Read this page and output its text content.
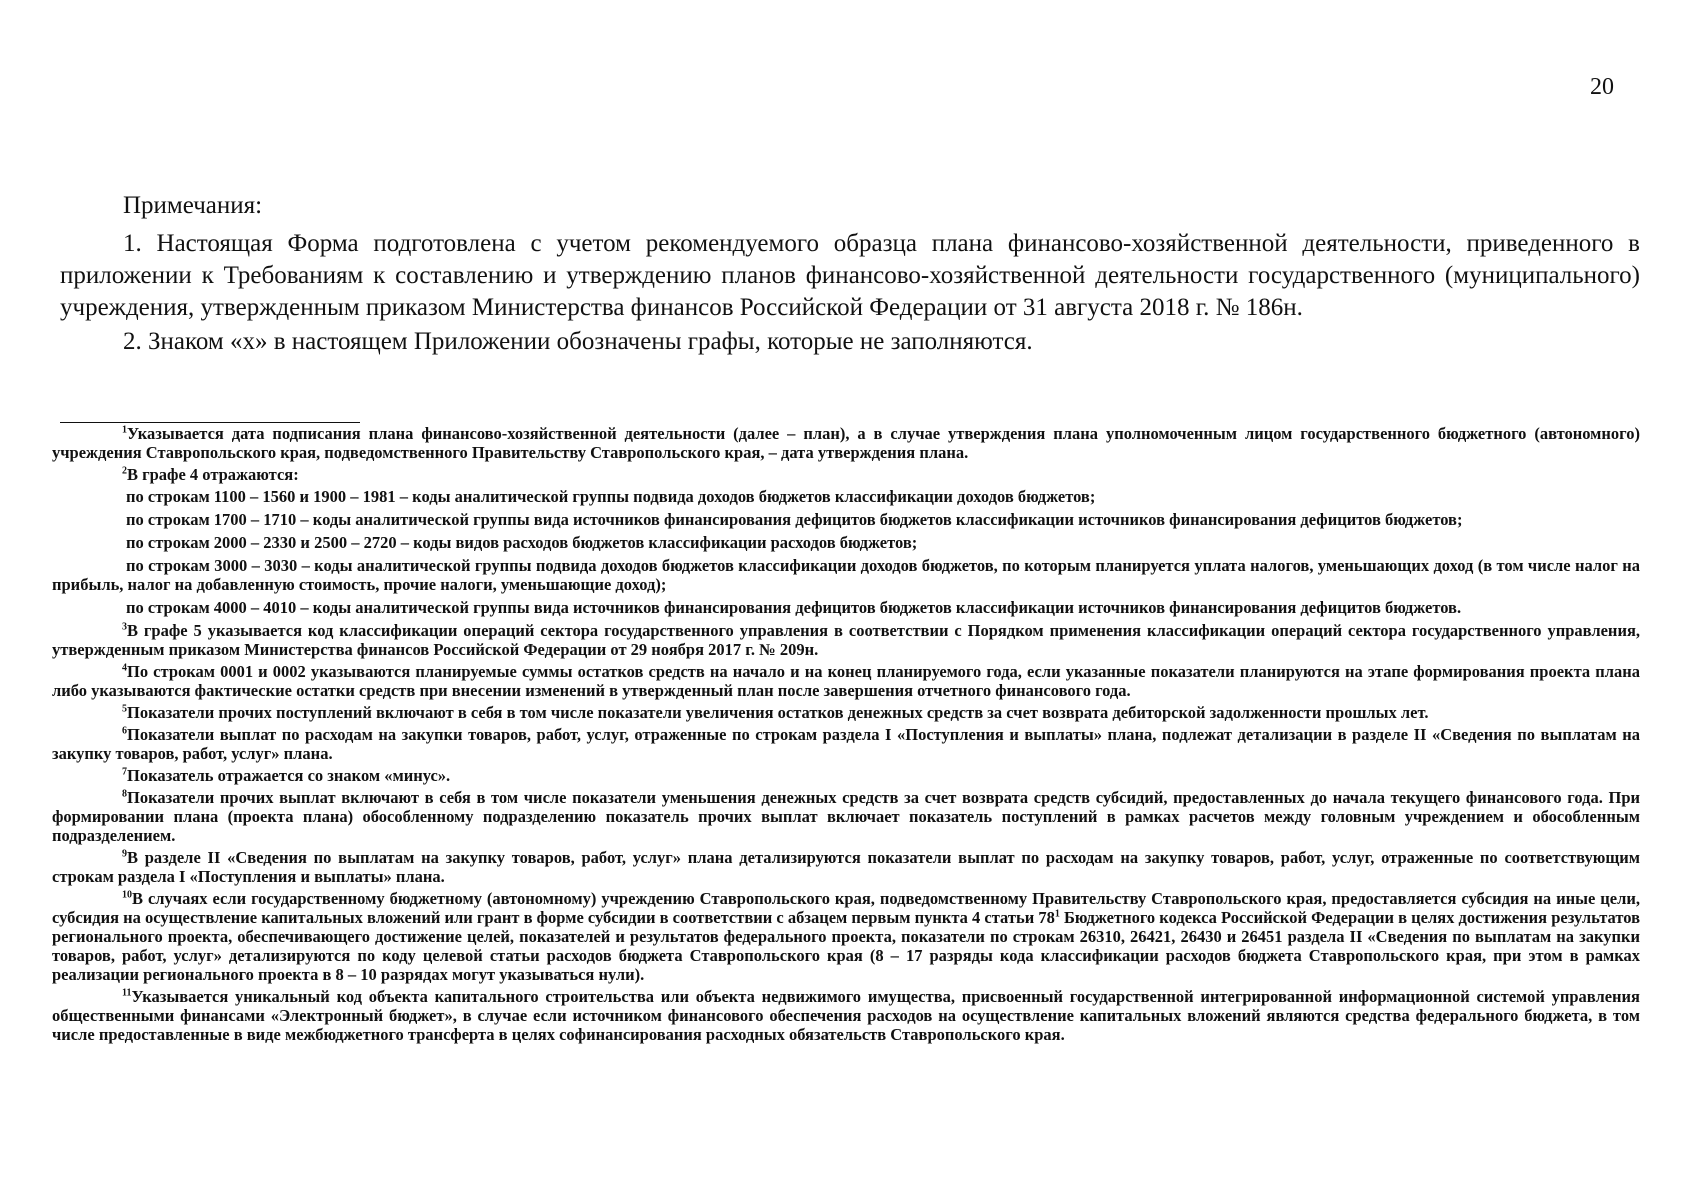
20
Примечания:

1. Настоящая Форма подготовлена с учетом рекомендуемого образца плана финансово-хозяйственной деятельности, приведенного в приложении к Требованиям к составлению и утверждению планов финансово-хозяйственной деятельности государственного (муниципального) учреждения, утвержденным приказом Министерства финансов Российской Федерации от 31 августа 2018 г. № 186н.

2. Знаком «х» в настоящем Приложении обозначены графы, которые не заполняются.

$^1$Указывается дата подписания плана финансово-хозяйственной деятельности (далее – план), а в случае утверждения плана уполномоченным лицом государственного бюджетного (автономного) учреждения Ставропольского края, подведомственного Правительству Ставропольского края, – дата утверждения плана.

$^2$В графе 4 отражаются:

по строкам 1100 – 1560 и 1900 – 1981 – коды аналитической группы подвида доходов бюджетов классификации доходов бюджетов;

по строкам 1700 – 1710 – коды аналитической группы вида источников финансирования дефицитов бюджетов классификации источников финансирования дефицитов бюджетов;

по строкам 2000 – 2330 и 2500 – 2720 – коды видов расходов бюджетов классификации расходов бюджетов;

по строкам 3000 – 3030 – коды аналитической группы подвида доходов бюджетов классификации доходов бюджетов, по которым планируется уплата налогов, уменьшающих доход (в том числе налог на прибыль, налог на добавленную стоимость, прочие налоги, уменьшающие доход);

по строкам 4000 – 4010 – коды аналитической группы вида источников финансирования дефицитов бюджетов классификации источников финансирования дефицитов бюджетов.

$^3$В графе 5 указывается код классификации операций сектора государственного управления в соответствии с Порядком применения классификации операций сектора государственного управления, утвержденным приказом Министерства финансов Российской Федерации от 29 ноября 2017 г. № 209н.

$^4$По строкам 0001 и 0002 указываются планируемые суммы остатков средств на начало и на конец планируемого года, если указанные показатели планируются на этапе формирования проекта плана либо указываются фактические остатки средств при внесении изменений в утвержденный план после завершения отчетного финансового года.

$^5$Показатели прочих поступлений включают в себя в том числе показатели увеличения остатков денежных средств за счет возврата дебиторской задолженности прошлых лет.

$^6$Показатели выплат по расходам на закупки товаров, работ, услуг, отраженные по строкам раздела I «Поступления и выплаты» плана, подлежат детализации в разделе II «Сведения по выплатам на закупку товаров, работ, услуг» плана.

$^7$Показатель отражается со знаком «минус».

$^8$Показатели прочих выплат включают в себя в том числе показатели уменьшения денежных средств за счет возврата средств субсидий, предоставленных до начала текущего финансового года. При формировании плана (проекта плана) обособленному подразделению показатель прочих выплат включает показатель поступлений в рамках расчетов между головным учреждением и обособленным подразделением.

$^9$В разделе II «Сведения по выплатам на закупку товаров, работ, услуг» плана детализируются показатели выплат по расходам на закупку товаров, работ, услуг, отраженные по соответствующим строкам раздела I «Поступления и выплаты» плана.

$^{10}$В случаях если государственному бюджетному (автономному) учреждению Ставропольского края, подведомственному Правительству Ставропольского края, предоставляется субсидия на иные цели, субсидия на осуществление капитальных вложений или грант в форме субсидии в соответствии с абзацем первым пункта 4 статьи $78^1$ Бюджетного кодекса Российской Федерации в целях достижения результатов регионального проекта, обеспечивающего достижение целей, показателей и результатов федерального проекта, показатели по строкам 26310, 26421, 26430 и 26451 раздела II «Сведения по выплатам на закупки товаров, работ, услуг» детализируются по коду целевой статьи расходов бюджета Ставропольского края (8 – 17 разряды кода классификации расходов бюджета Ставропольского края, при этом в рамках реализации регионального проекта в 8 – 10 разрядах могут указываться нули).

$^{11}$Указывается уникальный код объекта капитального строительства или объекта недвижимого имущества, присвоенный государственной интегрированной информационной системой управления общественными финансами «Электронный бюджет», в случае если источником финансового обеспечения расходов на осуществление капитальных вложений являются средства федерального бюджета, в том числе предоставленные в виде межбюджетного трансферта в целях софинансирования расходных обязательств Ставропольского края.
